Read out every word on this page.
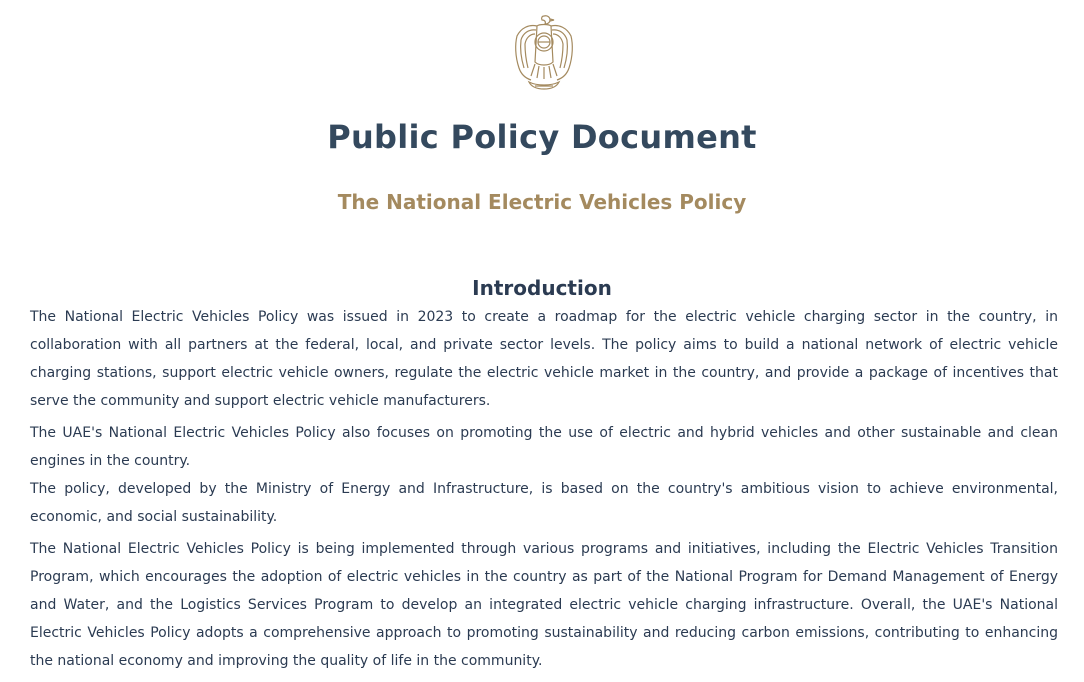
Public Policy Document
The National Electric Vehicles Policy
Introduction

The National Electric Vehicles Policy was issued in 2023 to create a roadmap for the electric vehicle charging sector in the country, in collaboration with all partners at the federal, local, and private sector levels. The policy aims to build a national network of electric vehicle charging stations, support electric vehicle owners, regulate the electric vehicle market in the country, and provide a package of incentives that serve the community and support electric vehicle manufacturers.

The UAE's National Electric Vehicles Policy also focuses on promoting the use of electric and hybrid vehicles and other sustainable and clean engines in the country.

The policy, developed by the Ministry of Energy and Infrastructure, is based on the country's ambitious vision to achieve environmental, economic, and social sustainability.

The National Electric Vehicles Policy is being implemented through various programs and initiatives, including the Electric Vehicles Transition Program, which encourages the adoption of electric vehicles in the country as part of the National Program for Demand Management of Energy and Water, and the Logistics Services Program to develop an integrated electric vehicle charging infrastructure. Overall, the UAE's National Electric Vehicles Policy adopts a comprehensive approach to promoting sustainability and reducing carbon emissions, contributing to enhancing the national economy and improving the quality of life in the community.
